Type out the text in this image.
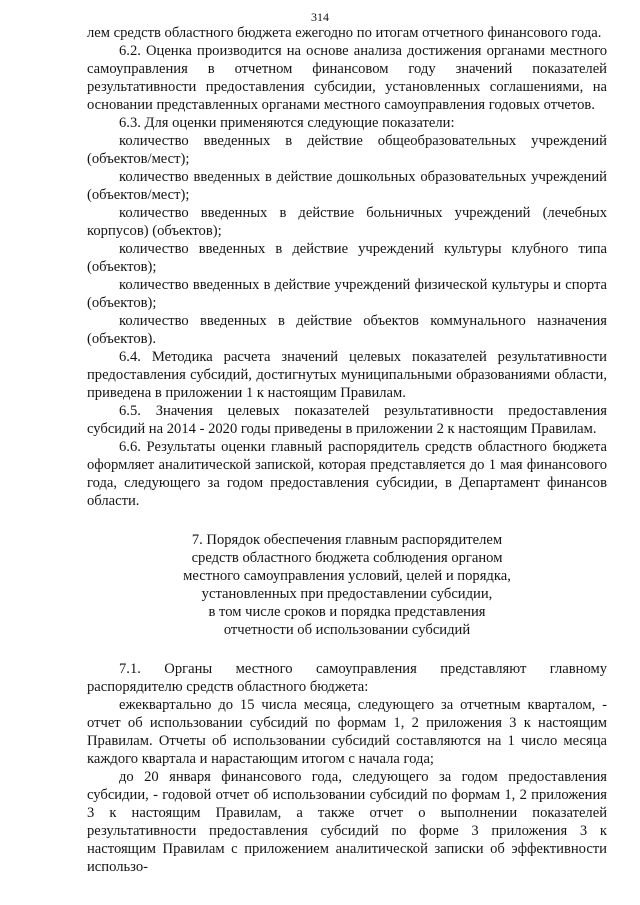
314

лем средств областного бюджета ежегодно по итогам отчетного финансового года.

6.2. Оценка производится на основе анализа достижения органами местного самоуправления в отчетном финансовом году значений показателей результативности предоставления субсидии, установленных соглашениями, на основании представленных органами местного самоуправления годовых отчетов.

6.3. Для оценки применяются следующие показатели:

количество введенных в действие общеобразовательных учреждений (объектов/мест);

количество введенных в действие дошкольных образовательных учреждений (объектов/мест);

количество введенных в действие больничных учреждений (лечебных корпусов) (объектов);

количество введенных в действие учреждений культуры клубного типа (объектов);

количество введенных в действие учреждений физической культуры и спорта (объектов);

количество введенных в действие объектов коммунального назначения (объектов).

6.4. Методика расчета значений целевых показателей результативности предоставления субсидий, достигнутых муниципальными образованиями области, приведена в приложении 1 к настоящим Правилам.

6.5. Значения целевых показателей результативности предоставления субсидий на 2014 - 2020 годы приведены в приложении 2 к настоящим Правилам.

6.6. Результаты оценки главный распорядитель средств областного бюджета оформляет аналитической запиской, которая представляется до 1 мая финансового года, следующего за годом предоставления субсидии, в Департамент финансов области.

7. Порядок обеспечения главным распорядителем
средств областного бюджета соблюдения органом
местного самоуправления условий, целей и порядка,
установленных при предоставлении субсидии,
в том числе сроков и порядка представления
отчетности об использовании субсидий

7.1. Органы местного самоуправления представляют главному распорядителю средств областного бюджета:

ежеквартально до 15 числа месяца, следующего за отчетным кварталом, - отчет об использовании субсидий по формам 1, 2 приложения 3 к настоящим Правилам. Отчеты об использовании субсидий составляются на 1 число месяца каждого квартала и нарастающим итогом с начала года;

до 20 января финансового года, следующего за годом предоставления субсидии, - годовой отчет об использовании субсидий по формам 1, 2 приложения 3 к настоящим Правилам, а также отчет о выполнении показателей результативности предоставления субсидий по форме 3 приложения 3 к настоящим Правилам с приложением аналитической записки об эффективности использо-
